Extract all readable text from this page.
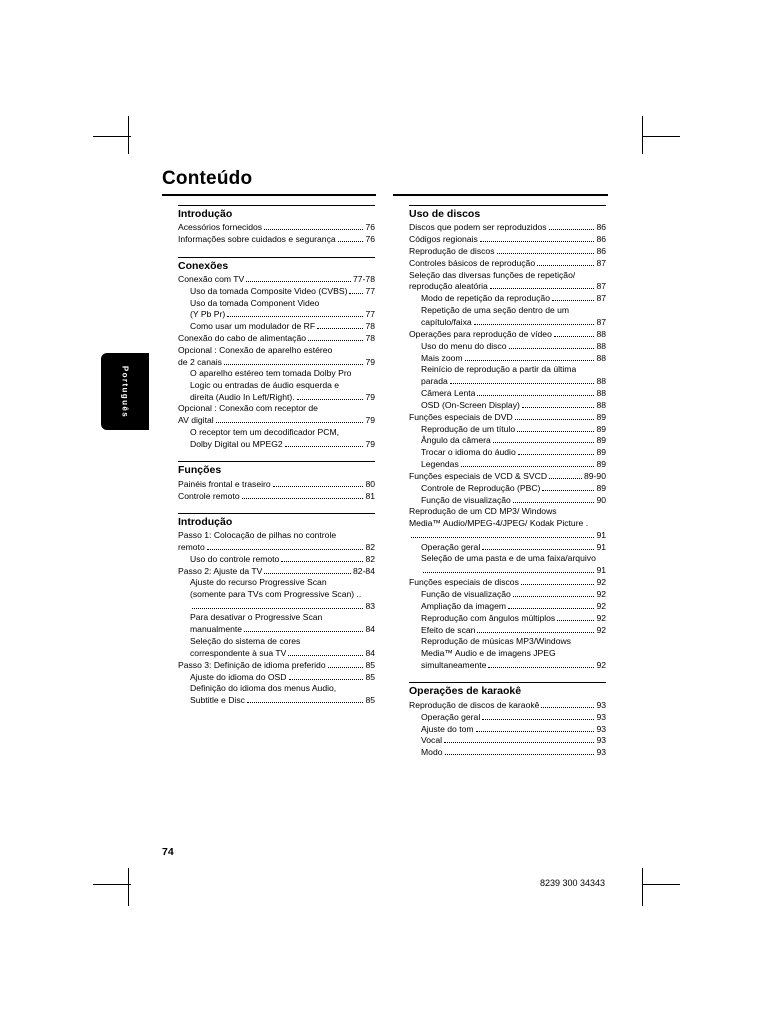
Conteúdo
Português
Introdução
Acessórios fornecidos	76
Informações sobre cuidados e segurança	76
Conexões
Conexão com TV	77-78
Uso da tomada Composite Video (CVBS) 77
Uso da tomada Component Video
(Y Pb Pr)	77
Como usar um modulador de RF	78
Conexão do cabo de alimentação	78
Opcional : Conexão de aparelho estéreo
de 2 canais	79
O aparelho estéreo tem tomada Dolby Pro
Logic ou entradas de áudio esquerda e
direita (Audio In Left/Right).	79
Opcional : Conexão com receptor de
AV digital	79
O receptor tem um decodificador PCM,
Dolby Digital ou MPEG2	79
Funções
Painéis frontal e traseiro	80
Controle remoto	81
Introdução
Passo 1: Colocação de pilhas no controle
remoto	82
Uso do controle remoto	82
Passo 2: Ajuste da TV	82-84
Ajuste do recurso Progressive Scan
(somente para TVs com Progressive Scan) ..
83
Para desativar o Progressive Scan
manualmente	84
Seleção do sistema de cores
correspondente à sua TV	84
Passo 3: Definição de idioma preferido	85
Ajuste do idioma do OSD	85
Definição do idioma dos menus Audio,
Subtitle e Disc	85
Uso de discos
Discos que podem ser reproduzidos	86
Códigos regionais	86
Reprodução de discos	86
Controles básicos de reprodução	87
Seleção das diversas funções de repetição/
reprodução aleatória	87
Modo de repetição da reprodução	87
Repetição de uma seção dentro de um
capítulo/faixa	87
Operações para reprodução de vídeo	88
Uso do menu do disco	88
Mais zoom	88
Reinício de reprodução a partir da última
parada	88
Câmera Lenta	88
OSD (On-Screen Display)	88
Funções especiais de DVD	89
Reprodução de um título	89
Ângulo da câmera	89
Trocar o idioma do áudio	89
Legendas	89
Funções especiais de VCD & SVCD	89-90
Controle de Reprodução (PBC)	89
Função de visualização	90
Reprodução de um CD MP3/ Windows
Media™ Audio/MPEG-4/JPEG/ Kodak Picture .
91
Operação geral	91
Seleção de uma pasta e de uma faixa/arquivo
91
Funções especiais de discos	92
Função de visualização	92
Ampliação da imagem	92
Reprodução com ângulos múltiplos	92
Efeito de scan	92
Reprodução de músicas MP3/Windows
Media™ Audio e de imagens JPEG
simultaneamente	92
Operações de karaokê
Reprodução de discos de karaokê	93
Operação geral	93
Ajuste do tom	93
Vocal	93
Modo	93
74
8239 300 34343
